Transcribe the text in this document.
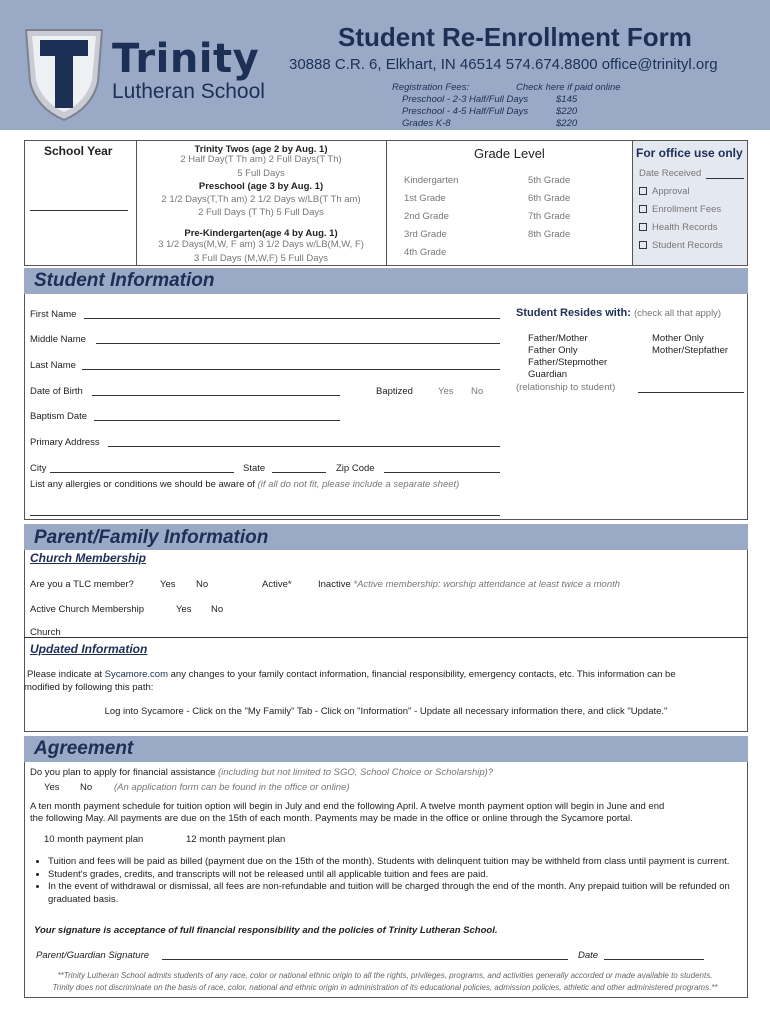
Trinity
Lutheran School
Student Re-Enrollment Form
30888 C.R. 6, Elkhart, IN 46514 574.674.8800 office@trinityl.org
Registration Fees:	Check here if paid online
Preschool - 2-3 Half/Full Days	$145
Preschool - 4-5 Half/Full Days	$220
Grades K-8	$220
School Year	Trinity Twos (age 2 by Aug. 1)
2 Half Day(T Th am) 2 Full Days(T Th)
5 Full Days
Preschool (age 3 by Aug. 1)
2 1/2 Days(T,Th am) 2 1/2 Days w/LB(T Th am)
2 Full Days (T Th) 5 Full Days
Pre-Kindergarten(age 4 by Aug. 1)
3 1/2 Days(M,W, F am) 3 1/2 Days w/LB(M,W, F)
3 Full Days (M,W,F) 5 Full Days
Grade Level
Kindergarten
1st Grade
2nd Grade
3rd Grade
4th Grade
5th Grade
6th Grade
7th Grade
8th Grade
For office use only
Date Received
Approval
Enrollment Fees
Health Records
Student Records
Student Information
First Name
Middle Name
Last Name
Date of Birth	Baptized	Yes No
Baptism Date
Primary Address
City	State	Zip Code
List any allergies or conditions we should be aware of (if all do not fit, please include a separate sheet)
Student Resides with: (check all that apply)
Father/Mother
Father Only
Father/Stepmother
Guardian
Mother Only
Mother/Stepfather
(relationship to student)
Parent/Family Information
Church Membership
Are you a TLC member?	Yes No	Active*	Inactive *Active membership: worship attendance at least twice a month
Active Church Membership	Yes No
Church
Updated Information
Please indicate at Sycamore.com any changes to your family contact information, financial responsibility, emergency contacts, etc. This information can be
modified by following this path:
Log into Sycamore - Click on the "My Family" Tab - Click on "Information" - Update all necessary information there, and click "Update."
Agreement
Do you plan to apply for financial assistance (including but not limited to SGO, School Choice or Scholarship)?
Yes No (An application form can be found in the office or online)
A ten month payment schedule for tuition option will begin in July and end the following April. A twelve month payment option will begin in June and end
the following May. All payments are due on the 15th of each month. Payments may be made in the office or online through the Sycamore portal.
10 month payment plan	12 month payment plan
• Tuition and fees will be paid as billed (payment due on the 15th of the month). Students with delinquent tuition may be withheld from class until payment is current.
• Student's grades, credits, and transcripts will not be released until all applicable tuition and fees are paid.
• In the event of withdrawal or dismissal, all fees are non-refundable and tuition will be charged through the end of the month. Any prepaid tuition will be refunded on graduated basis.
Your signature is acceptance of full financial responsibility and the policies of Trinity Lutheran School.
Parent/Guardian Signature	Date
**Trinity Lutheran School admits students of any race, color or national ethnic origin to all the rights, privileges, programs, and activities generally accorded or made available to students.
Trinity does not discriminate on the basis of race, color, national and ethnic origin in administration of its educational policies, admission policies, athletic and other administered programs.**
